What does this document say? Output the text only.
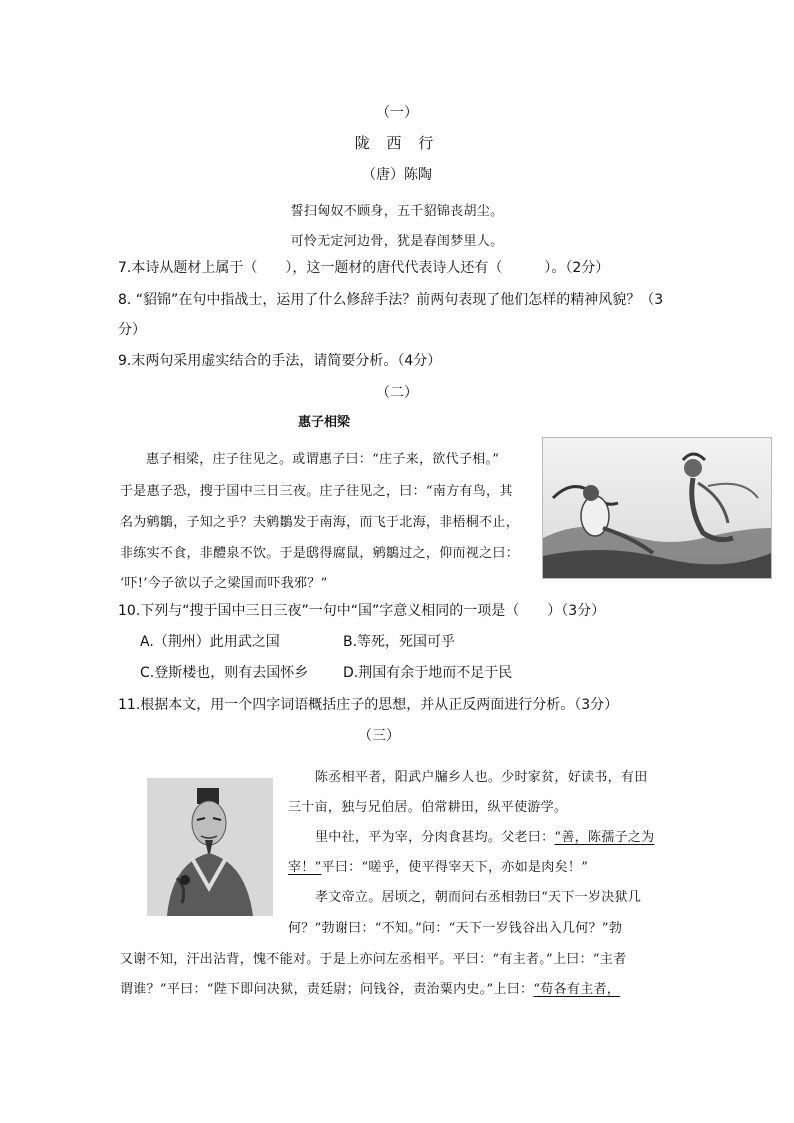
（一）
陇 西 行
（唐）陈陶
誓扫匈奴不顾身，五千貂锦丧胡尘。
可怜无定河边骨，犹是春闺梦里人。
7.本诗从题材上属于（　　），这一题材的唐代代表诗人还有（　　　）。（2分）
8. “貂锦”在句中指战士，运用了什么修辞手法？前两句表现了他们怎样的精神风貌？（3
分）
9.末两句采用虚实结合的手法，请简要分析。（4分）
（二）
惠子相梁
惠子相梁，庄子往见之。或谓惠子曰：“庄子来，欲代子相。”
于是惠子恐，搜于国中三日三夜。庄子往见之，曰：“南方有鸟，其
名为鹓鶵，子知之乎？夫鹓鶵发于南海，而飞于北海，非梧桐不止，
非练实不食，非醴泉不饮。于是鸱得腐鼠，鹓鶵过之，仰而视之曰：
‘吓!’今子欲以子之梁国而吓我邪？”
10.下列与“搜于国中三日三夜”一句中“国”字意义相同的一项是（　　）（3分）
A.（荆州）此用武之国	B.等死，死国可乎
C.登斯楼也，则有去国怀乡 D.荆国有余于地而不足于民
11.根据本文，用一个四字词语概括庄子的思想，并从正反两面进行分析。（3分）
（三）
陈丞相平者，阳武户牖乡人也。少时家贫，好读书，有田
三十亩，独与兄伯居。伯常耕田，纵平使游学。
里中社，平为宰，分肉食甚均。父老曰：“善，陈孺子之为
宰！”平曰：“嗟乎，使平得宰天下，亦如是肉矣！”
孝文帝立。居顷之，朝而问右丞相勃曰“天下一岁决狱几
何？”勃谢曰：“不知。”问：“天下一岁钱谷出入几何？”勃
又谢不知，汗出沾背，愧不能对。于是上亦问左丞相平。平曰：“有主者。”上曰：“主者
谓谁？”平曰：“陛下即问决狱，责廷尉；问钱谷，责治粟内史。”上曰：“苟各有主者，
